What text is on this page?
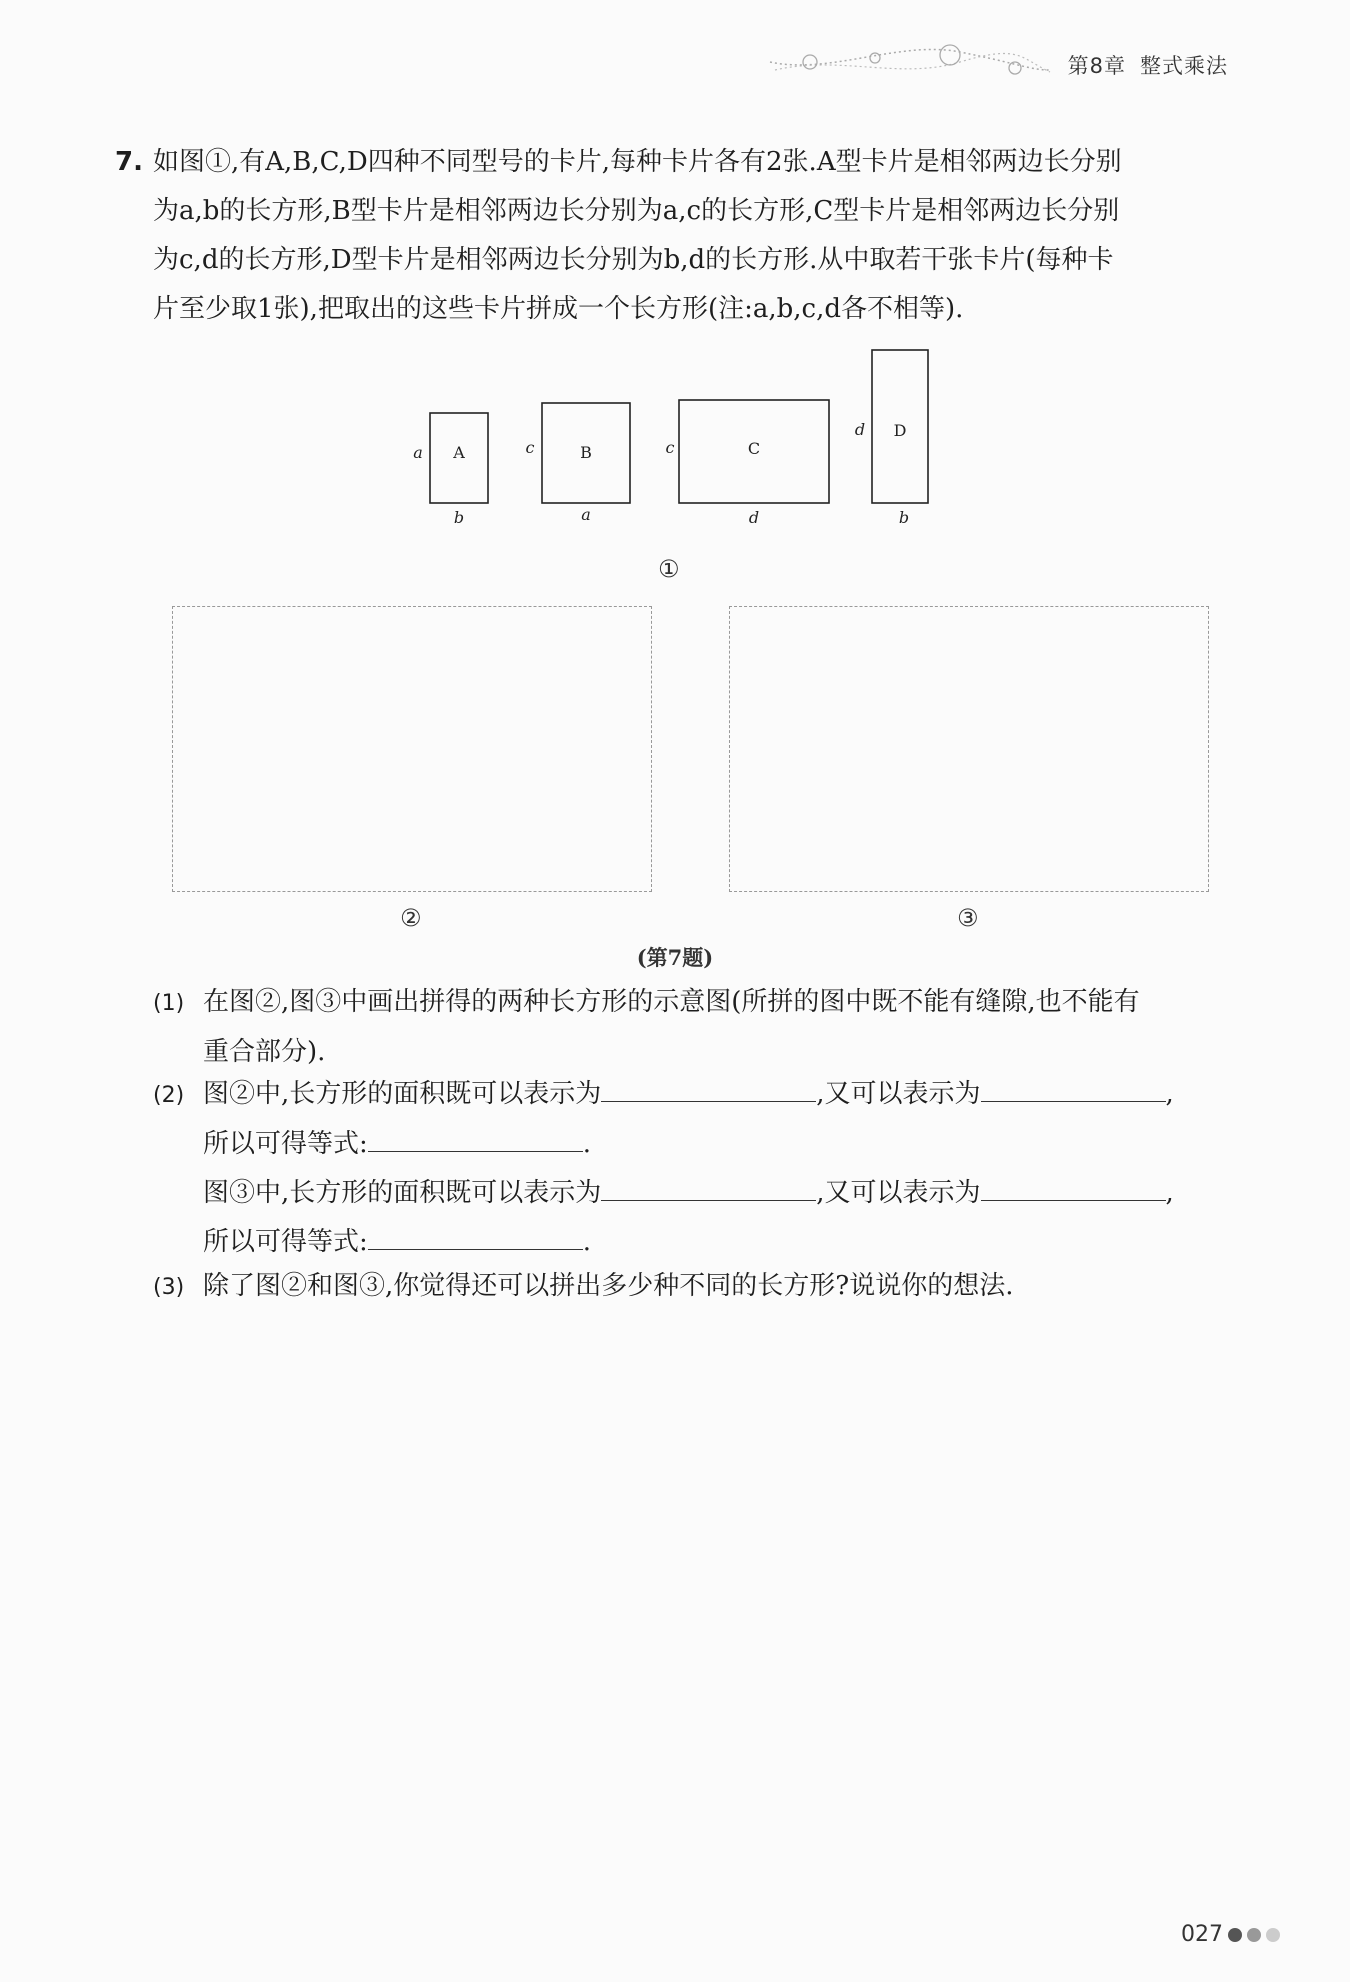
第8章 整式乘法
7. 如图①,有A,B,C,D四种不同型号的卡片,每种卡片各有2张.A型卡片是相邻两边长分别
为a,b的长方形,B型卡片是相邻两边长分别为a,c的长方形,C型卡片是相邻两边长分别
为c,d的长方形,D型卡片是相邻两边长分别为b,d的长方形.从中取若干张卡片(每种卡
片至少取1张),把取出的这些卡片拼成一个长方形(注:a,b,c,d各不相等).
A
a
b
B
c
a
C
c
d
D
d
b
①
②	③
(第7题)
(1) 在图②,图③中画出拼得的两种长方形的示意图(所拼的图中既不能有缝隙,也不能有
重合部分).
(2) 图②中,长方形的面积既可以表示为	,又可以表示为	,
所以可得等式:	.
图③中,长方形的面积既可以表示为	,又可以表示为	,
所以可得等式:	.
(3) 除了图②和图③,你觉得还可以拼出多少种不同的长方形?说说你的想法.
027
